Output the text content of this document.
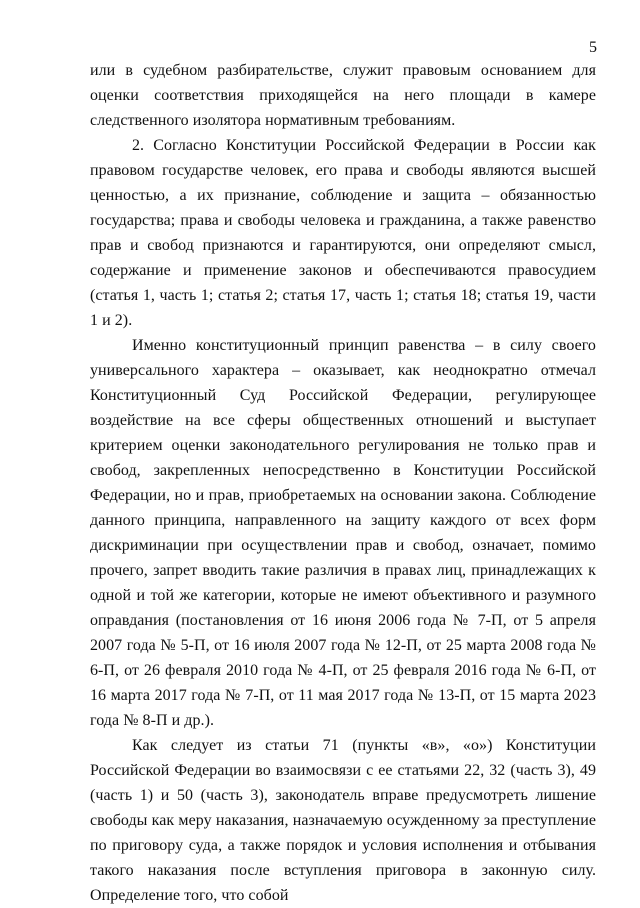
5

или в судебном разбирательстве, служит правовым основанием для оценки соответствия приходящейся на него площади в камере следственного изолятора нормативным требованиям.

2. Согласно Конституции Российской Федерации в России как правовом государстве человек, его права и свободы являются высшей ценностью, а их признание, соблюдение и защита – обязанностью государства; права и свободы человека и гражданина, а также равенство прав и свобод признаются и гарантируются, они определяют смысл, содержание и применение законов и обеспечиваются правосудием (статья 1, часть 1; статья 2; статья 17, часть 1; статья 18; статья 19, части 1 и 2).

Именно конституционный принцип равенства – в силу своего универсального характера – оказывает, как неоднократно отмечал Конституционный Суд Российской Федерации, регулирующее воздействие на все сферы общественных отношений и выступает критерием оценки законодательного регулирования не только прав и свобод, закрепленных непосредственно в Конституции Российской Федерации, но и прав, приобретаемых на основании закона. Соблюдение данного принципа, направленного на защиту каждого от всех форм дискриминации при осуществлении прав и свобод, означает, помимо прочего, запрет вводить такие различия в правах лиц, принадлежащих к одной и той же категории, которые не имеют объективного и разумного оправдания (постановления от 16 июня 2006 года № 7-П, от 5 апреля 2007 года № 5-П, от 16 июля 2007 года № 12-П, от 25 марта 2008 года № 6-П, от 26 февраля 2010 года № 4-П, от 25 февраля 2016 года № 6-П, от 16 марта 2017 года № 7-П, от 11 мая 2017 года № 13-П, от 15 марта 2023 года № 8-П и др.).

Как следует из статьи 71 (пункты «в», «о») Конституции Российской Федерации во взаимосвязи с ее статьями 22, 32 (часть 3), 49 (часть 1) и 50 (часть 3), законодатель вправе предусмотреть лишение свободы как меру наказания, назначаемую осужденному за преступление по приговору суда, а также порядок и условия исполнения и отбывания такого наказания после вступления приговора в законную силу. Определение того, что собой
